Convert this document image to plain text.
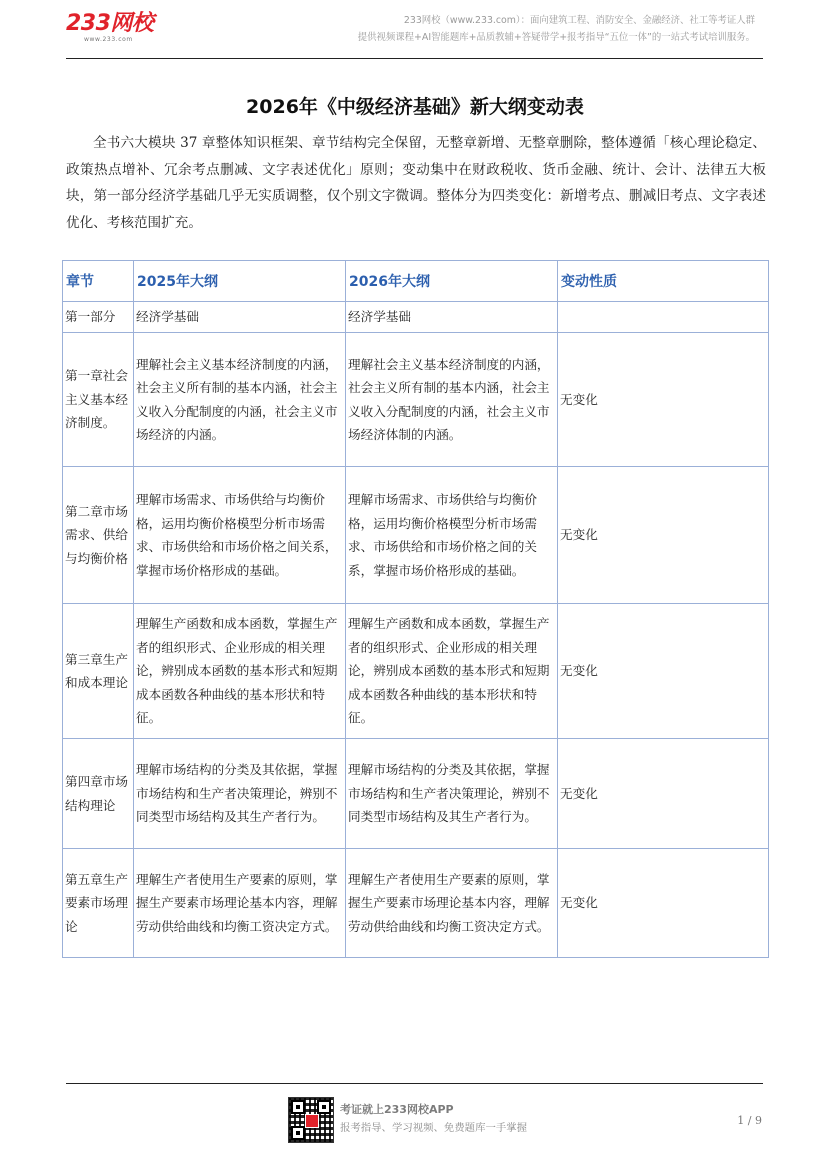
233网校
www.233.com
233网校（www.233.com）：面向建筑工程、消防安全、金融经济、社工等考证人群
提供视频课程+AI智能题库+品质教辅+答疑带学+报考指导“五位一体”的一站式考试培训服务。
2026年《中级经济基础》新大纲变动表

全书六大模块 37 章整体知识框架、章节结构完全保留，无整章新增、无整章删除，整体遵循「核心理论稳定、政策热点增补、冗余考点删减、文字表述优化」原则；变动集中在财政税收、货币金融、统计、会计、法律五大板块，第一部分经济学基础几乎无实质调整，仅个别文字微调。整体分为四类变化：新增考点、删减旧考点、文字表述优化、考核范围扩充。

章节	2025年大纲	2026年大纲	变动性质
第一部分	经济学基础	经济学基础	
第一章社会主义基本经济制度。	理解社会主义基本经济制度的内涵，社会主义所有制的基本内涵，社会主义收入分配制度的内涵，社会主义市场经济的内涵。	理解社会主义基本经济制度的内涵，社会主义所有制的基本内涵，社会主义收入分配制度的内涵，社会主义市场经济体制的内涵。	无变化
第二章市场需求、供给与均衡价格	理解市场需求、市场供给与均衡价格，运用均衡价格模型分析市场需求、市场供给和市场价格之间关系，掌握市场价格形成的基础。	理解市场需求、市场供给与均衡价格，运用均衡价格模型分析市场需求、市场供给和市场价格之间的关系，掌握市场价格形成的基础。	无变化
第三章生产和成本理论	理解生产函数和成本函数，掌握生产者的组织形式、企业形成的相关理论，辨别成本函数的基本形式和短期成本函数各种曲线的基本形状和特征。	理解生产函数和成本函数，掌握生产者的组织形式、企业形成的相关理论，辨别成本函数的基本形式和短期成本函数各种曲线的基本形状和特征。	无变化
第四章市场结构理论	理解市场结构的分类及其依据，掌握市场结构和生产者决策理论，辨别不同类型市场结构及其生产者行为。	理解市场结构的分类及其依据，掌握市场结构和生产者决策理论，辨别不同类型市场结构及其生产者行为。	无变化
第五章生产要素市场理论	理解生产者使用生产要素的原则，掌握生产要素市场理论基本内容，理解劳动供给曲线和均衡工资决定方式。	理解生产者使用生产要素的原则，掌握生产要素市场理论基本内容，理解劳动供给曲线和均衡工资决定方式。	无变化
考证就上233网校APP
报考指导、学习视频、免费题库一手掌握
1 / 9
